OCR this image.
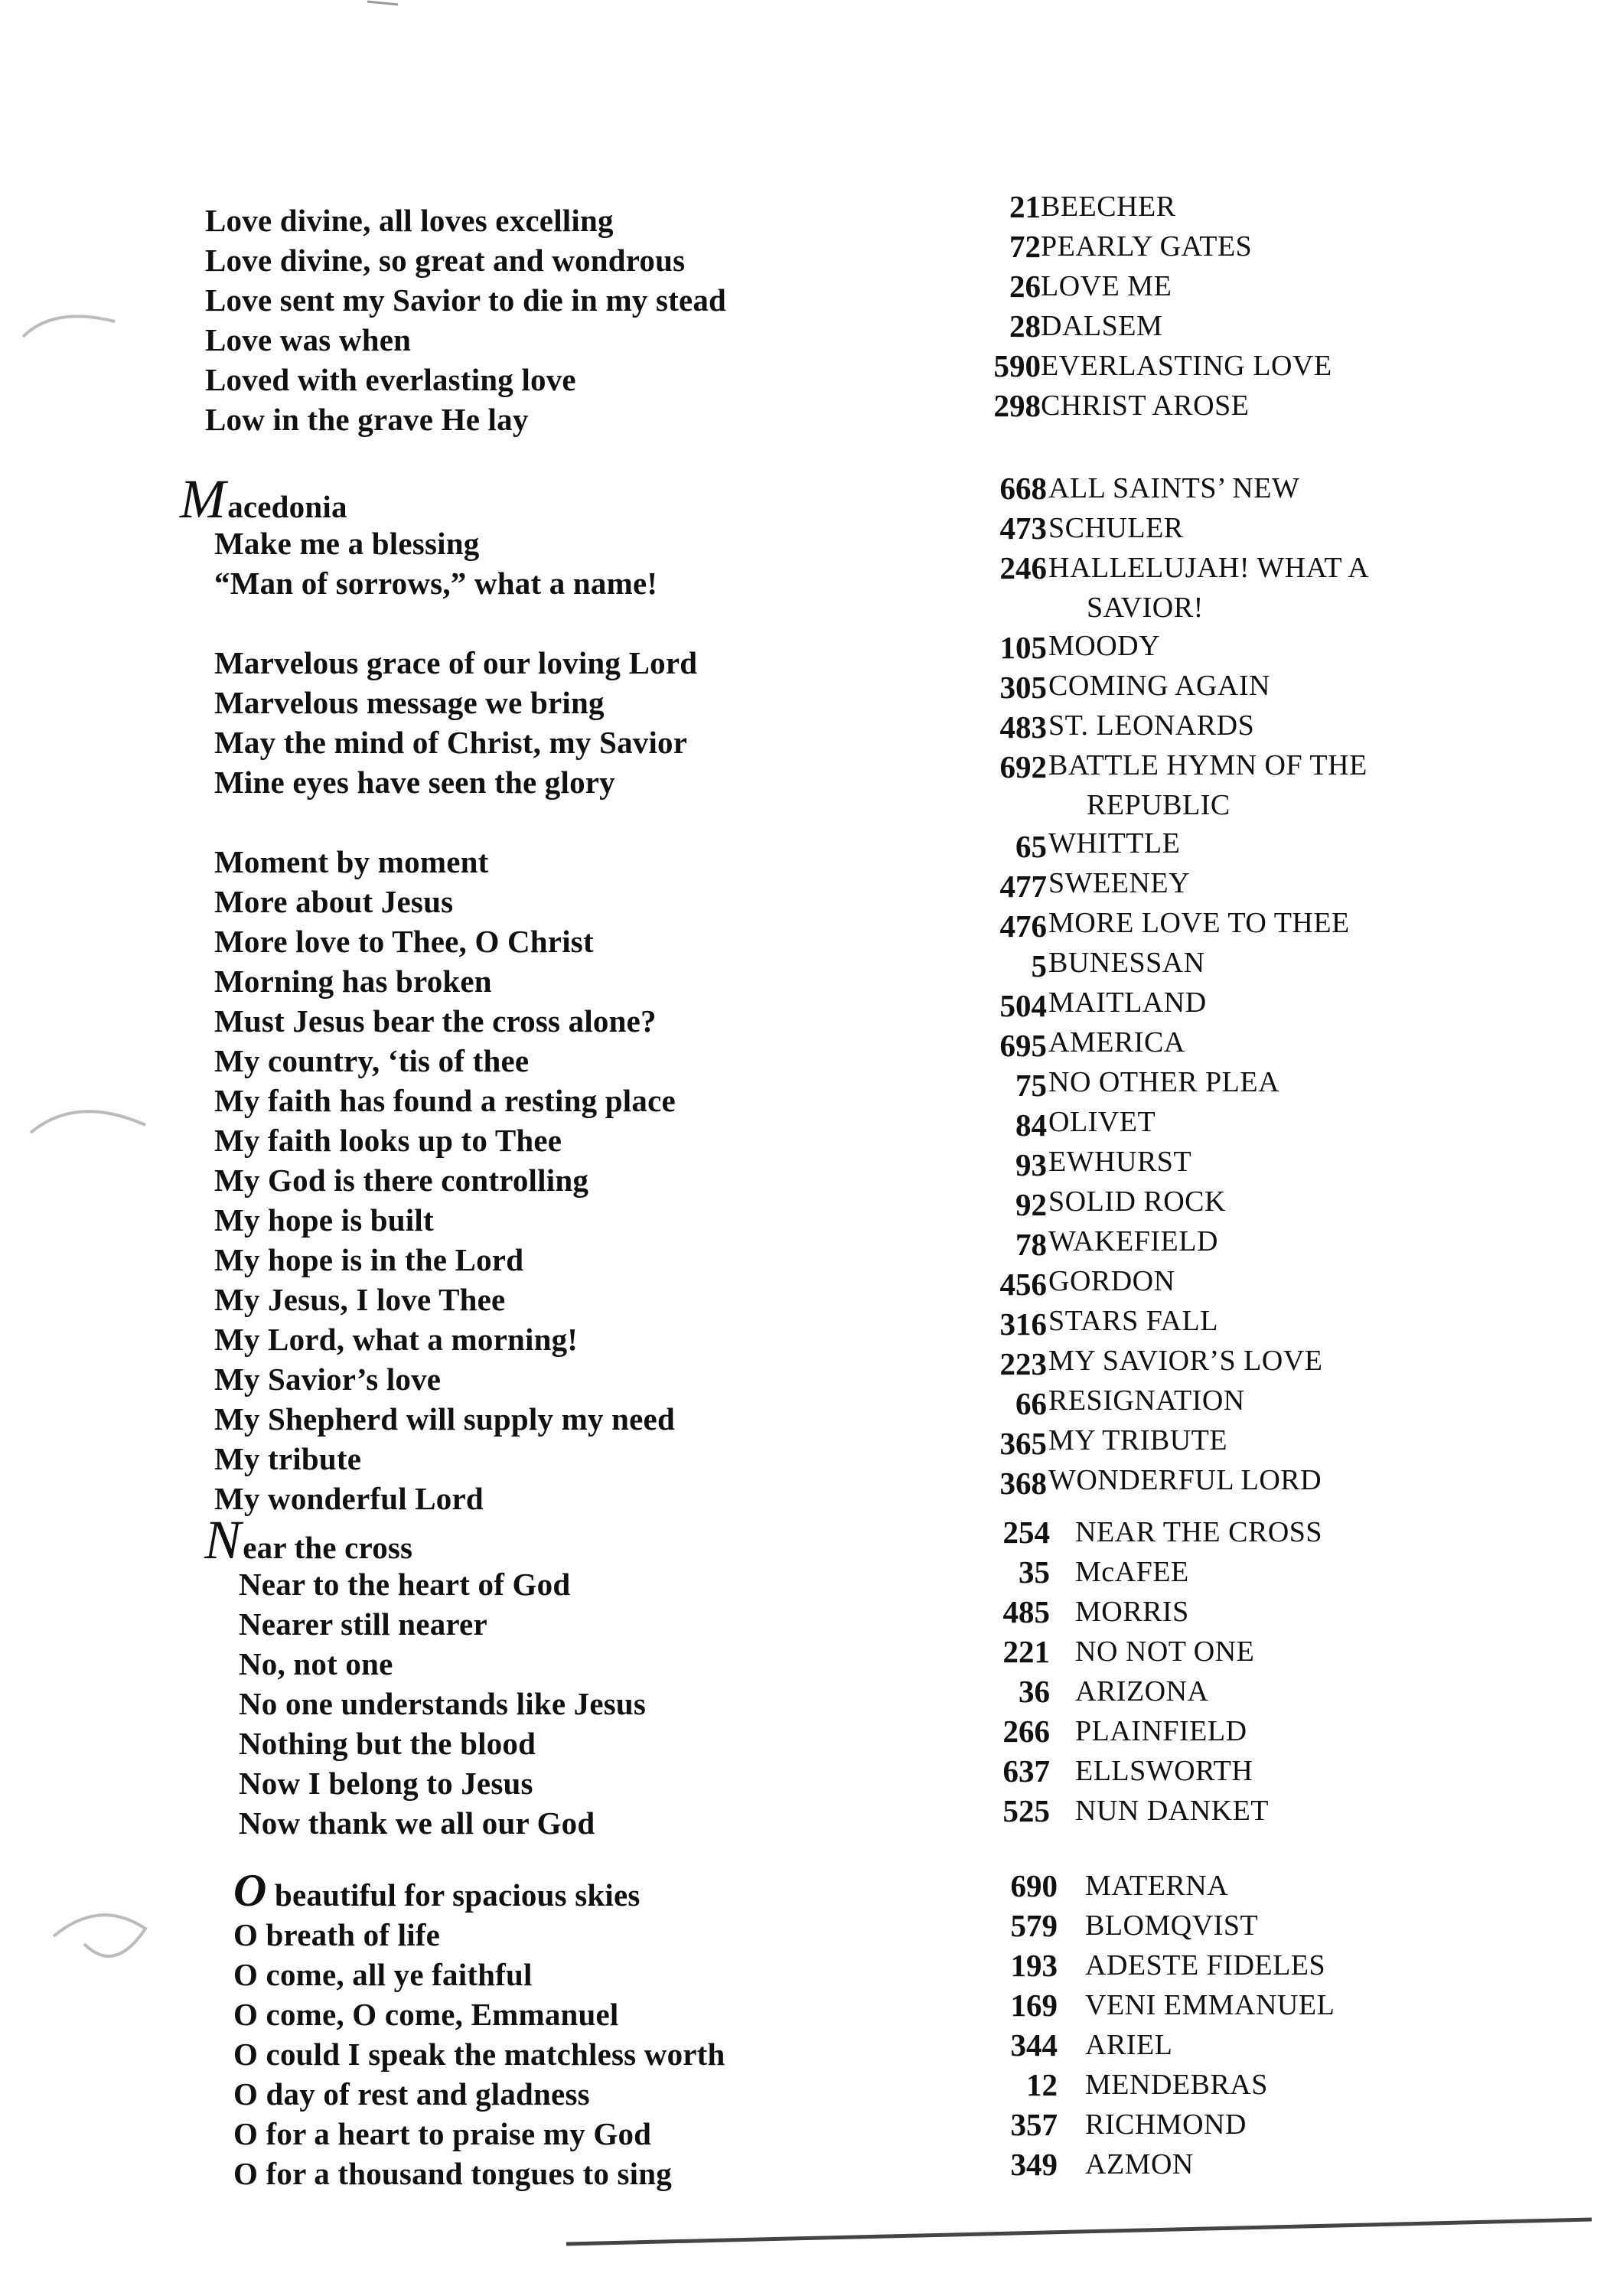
Love divine, all loves excelling
Love divine, so great and wondrous
Love sent my Savior to die in my stead
Love was when
Loved with everlasting love
Low in the grave He lay
21
72
26
28
590
298
BEECHER
PEARLY GATES
LOVE ME
DALSEM
EVERLASTING LOVE
CHRIST AROSE
Macedonia
Make me a blessing
“Man of sorrows,” what a name!
Marvelous grace of our loving Lord
Marvelous message we bring
May the mind of Christ, my Savior
Mine eyes have seen the glory
Moment by moment
More about Jesus
More love to Thee, O Christ
Morning has broken
Must Jesus bear the cross alone?
My country, ‘tis of thee
My faith has found a resting place
My faith looks up to Thee
My God is there controlling
My hope is built
My hope is in the Lord
My Jesus, I love Thee
My Lord, what a morning!
My Savior’s love
My Shepherd will supply my need
My tribute
My wonderful Lord
668
473
246
105
305
483
692
65
477
476
5
504
695
75
84
93
92
78
456
316
223
66
365
368
ALL SAINTS’ NEW
SCHULER
HALLELUJAH! WHAT A
SAVIOR!
MOODY
COMING AGAIN
ST. LEONARDS
BATTLE HYMN OF THE
REPUBLIC
WHITTLE
SWEENEY
MORE LOVE TO THEE
BUNESSAN
MAITLAND
AMERICA
NO OTHER PLEA
OLIVET
EWHURST
SOLID ROCK
WAKEFIELD
GORDON
STARS FALL
MY SAVIOR’S LOVE
RESIGNATION
MY TRIBUTE
WONDERFUL LORD
Near the cross
Near to the heart of God
Nearer still nearer
No, not one
No one understands like Jesus
Nothing but the blood
Now I belong to Jesus
Now thank we all our God
254
35
485
221
36
266
637
525
NEAR THE CROSS
McAFEE
MORRIS
NO NOT ONE
ARIZONA
PLAINFIELD
ELLSWORTH
NUN DANKET
O beautiful for spacious skies
O breath of life
O come, all ye faithful
O come, O come, Emmanuel
O could I speak the matchless worth
O day of rest and gladness
O for a heart to praise my God
O for a thousand tongues to sing
690
579
193
169
344
12
357
349
MATERNA
BLOMQVIST
ADESTE FIDELES
VENI EMMANUEL
ARIEL
MENDEBRAS
RICHMOND
AZMON
